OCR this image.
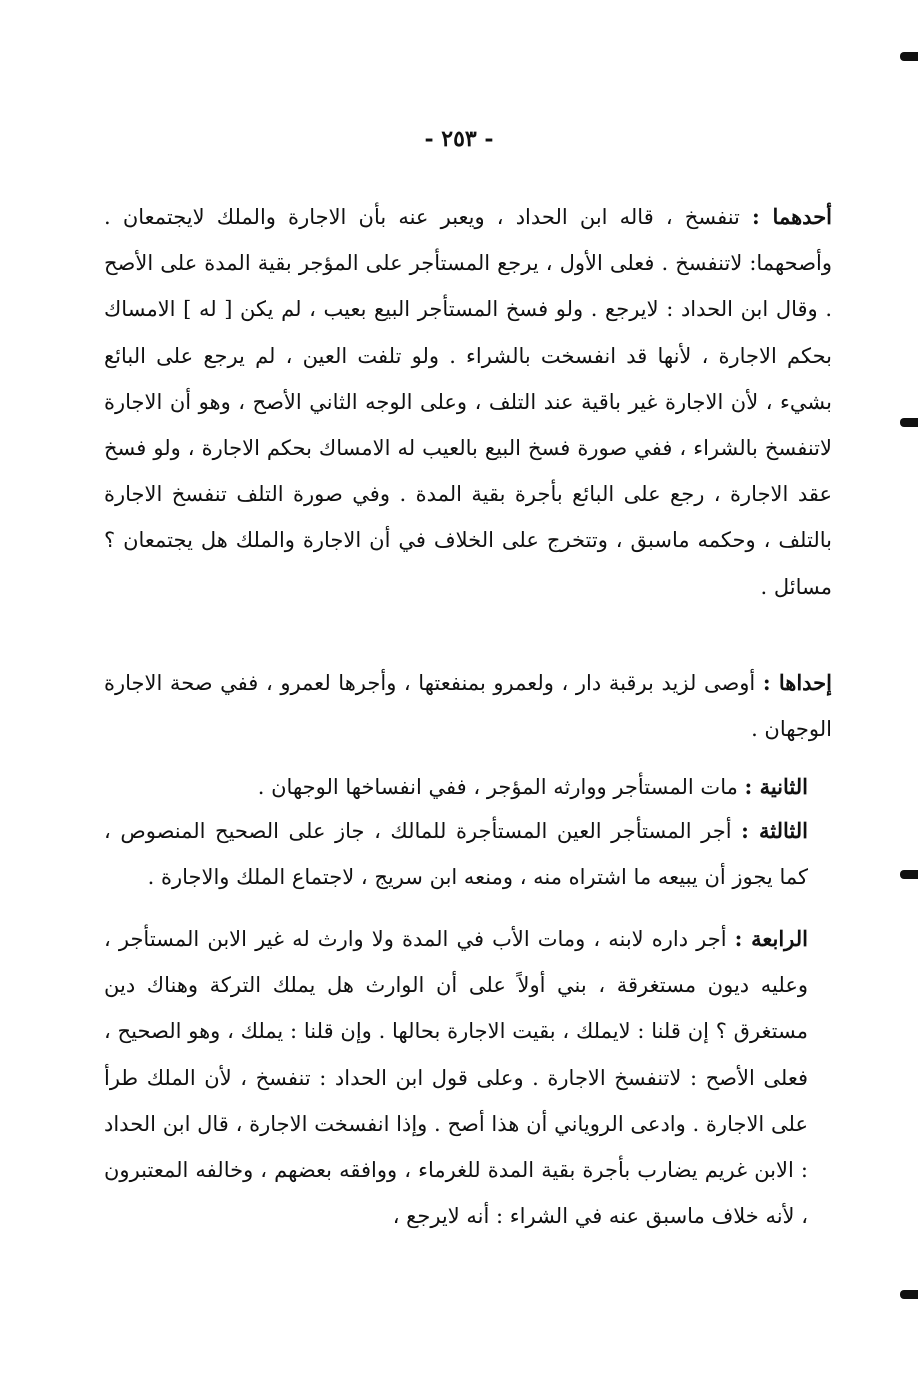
- ٢٥٣ -

أحدهما : تنفسخ ، قاله ابن الحداد ، ويعبر عنه بأن الاجارة والملك لايجتمعان . وأصحهما: لاتنفسخ . فعلى الأول ، يرجع المستأجر على المؤجر بقية المدة على الأصح . وقال ابن الحداد : لايرجع . ولو فسخ المستأجر البيع بعيب ، لم يكن [ له ] الامساك بحكم الاجارة ، لأنها قد انفسخت بالشراء . ولو تلفت العين ، لم يرجع على البائع بشيء ، لأن الاجارة غير باقية عند التلف ، وعلى الوجه الثاني الأصح ، وهو أن الاجارة لاتنفسخ بالشراء ، ففي صورة فسخ البيع بالعيب له الامساك بحكم الاجارة ، ولو فسخ عقد الاجارة ، رجع على البائع بأجرة بقية المدة . وفي صورة التلف تنفسخ الاجارة بالتلف ، وحكمه ماسبق ، وتتخرج على الخلاف في أن الاجارة والملك هل يجتمعان ؟ مسائل .

إحداها : أوصى لزيد برقبة دار ، ولعمرو بمنفعتها ، وأجرها لعمرو ، ففي صحة الاجارة الوجهان .

الثانية : مات المستأجر ووارثه المؤجر ، ففي انفساخها الوجهان .

الثالثة : أجر المستأجر العين المستأجرة للمالك ، جاز على الصحيح المنصوص ، كما يجوز أن يبيعه ما اشتراه منه ، ومنعه ابن سريج ، لاجتماع الملك والاجارة .

الرابعة : أجر داره لابنه ، ومات الأب في المدة ولا وارث له غير الابن المستأجر ، وعليه ديون مستغرقة ، بني أولاً على أن الوارث هل يملك التركة وهناك دين مستغرق ؟ إن قلنا : لايملك ، بقيت الاجارة بحالها . وإن قلنا : يملك ، وهو الصحيح ، فعلى الأصح : لاتنفسخ الاجارة . وعلى قول ابن الحداد : تنفسخ ، لأن الملك طرأ على الاجارة . وادعى الروياني أن هذا أصح . وإذا انفسخت الاجارة ، قال ابن الحداد : الابن غريم يضارب بأجرة بقية المدة للغرماء ، ووافقه بعضهم ، وخالفه المعتبرون ، لأنه خلاف ماسبق عنه في الشراء : أنه لايرجع ،
